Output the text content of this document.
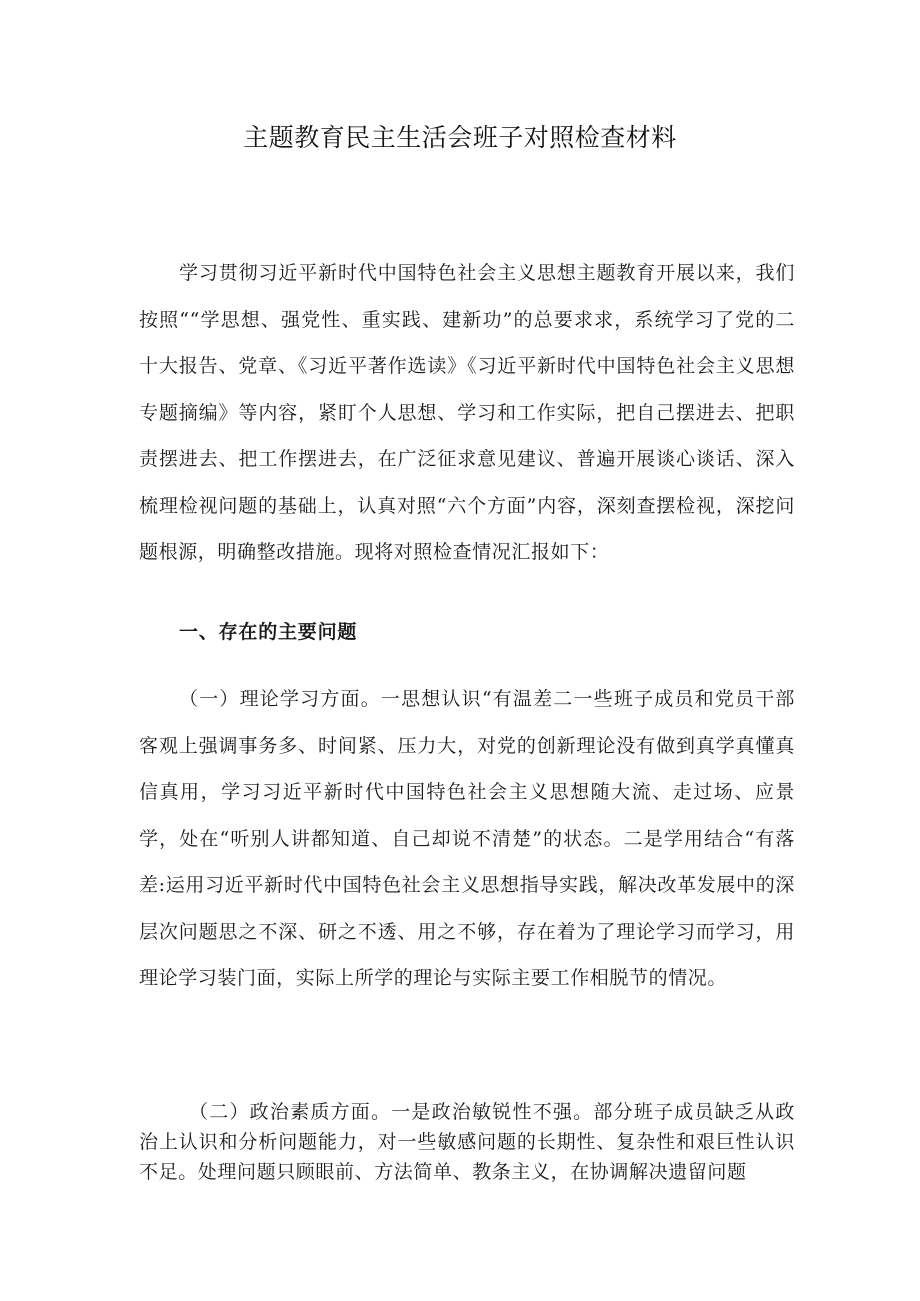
主题教育民主生活会班子对照检查材料

学习贯彻习近平新时代中国特色社会主义思想主题教育开展以来，我们按照““学思想、强党性、重实践、建新功”的总要求求，系统学习了党的二十大报告、党章、《习近平著作选读》《习近平新时代中国特色社会主义思想专题摘编》等内容，紧盯个人思想、学习和工作实际，把自己摆进去、把职责摆进去、把工作摆进去，在广泛征求意见建议、普遍开展谈心谈话、深入梳理检视问题的基础上，认真对照“六个方面”内容，深刻查摆检视，深挖问题根源，明确整改措施。现将对照检查情况汇报如下：

一、存在的主要问题

（一）理论学习方面。一思想认识“有温差二一些班子成员和党员干部客观上强调事务多、时间紧、压力大，对党的创新理论没有做到真学真懂真信真用，学习习近平新时代中国特色社会主义思想随大流、走过场、应景学，处在“听别人讲都知道、自己却说不清楚”的状态。二是学用结合“有落差:运用习近平新时代中国特色社会主义思想指导实践，解决改革发展中的深层次问题思之不深、研之不透、用之不够，存在着为了理论学习而学习，用理论学习装门面，实际上所学的理论与实际主要工作相脱节的情况。

（二）政治素质方面。一是政治敏锐性不强。部分班子成员缺乏从政治上认识和分析问题能力，对一些敏感问题的长期性、复杂性和艰巨性认识不足。处理问题只顾眼前、方法简单、教条主义，在协调解决遗留问题
